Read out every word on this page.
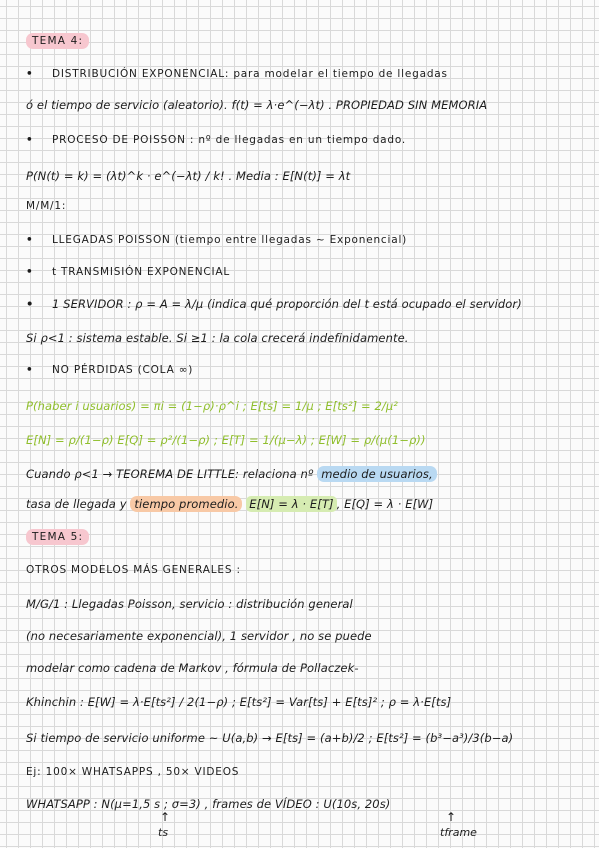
TEMA 4:
• DISTRIBUCIÓN EXPONENCIAL: para modelar el tiempo de llegadas
ó el tiempo de servicio (aleatorio). f(t) = λ·e^(−λt) . PROPIEDAD SIN MEMORIA
• PROCESO DE POISSON : nº de llegadas en un tiempo dado.
P(N(t) = k) = (λt)^k · e^(−λt) / k! . Media : E[N(t)] = λt
M/M/1:
• LLEGADAS POISSON (tiempo entre llegadas ~ Exponencial)
• t TRANSMISIÓN EXPONENCIAL
• 1 SERVIDOR : ρ = A = λ/μ (indica qué proporción del t está ocupado el servidor)
Si ρ<1 : sistema estable. Si ≥1 : la cola crecerá indefinidamente.
• NO PÉRDIDAS (COLA ∞)
P(haber i usuarios) = πi = (1−ρ)·ρ^i ; E[ts] = 1/μ ; E[ts²] = 2/μ²
E[N] = ρ/(1−ρ) E[Q] = ρ²/(1−ρ) ; E[T] = 1/(μ−λ) ; E[W] = ρ/(μ(1−ρ))
Cuando ρ<1 → TEOREMA DE LITTLE: relaciona nº medio de usuarios,
tasa de llegada y tiempo promedio. E[N] = λ · E[T] , E[Q] = λ · E[W]
TEMA 5:
OTROS MODELOS MÁS GENERALES :
M/G/1 : Llegadas Poisson, servicio : distribución general
(no necesariamente exponencial), 1 servidor , no se puede
modelar como cadena de Markov , fórmula de Pollaczek-
Khinchin : E[W] = λ·E[ts²] / 2(1−ρ) ; E[ts²] = Var[ts] + E[ts]² ; ρ = λ·E[ts]
Si tiempo de servicio uniforme ~ U(a,b) → E[ts] = (a+b)/2 ; E[ts²] = (b³−a³)/3(b−a)
Ej: 100× WHATSAPPS , 50× VIDEOS
WHATSAPP : N(μ=1,5 s ; σ=3) , frames de VÍDEO : U(10s, 20s)
↑
ts
↑
tframe
